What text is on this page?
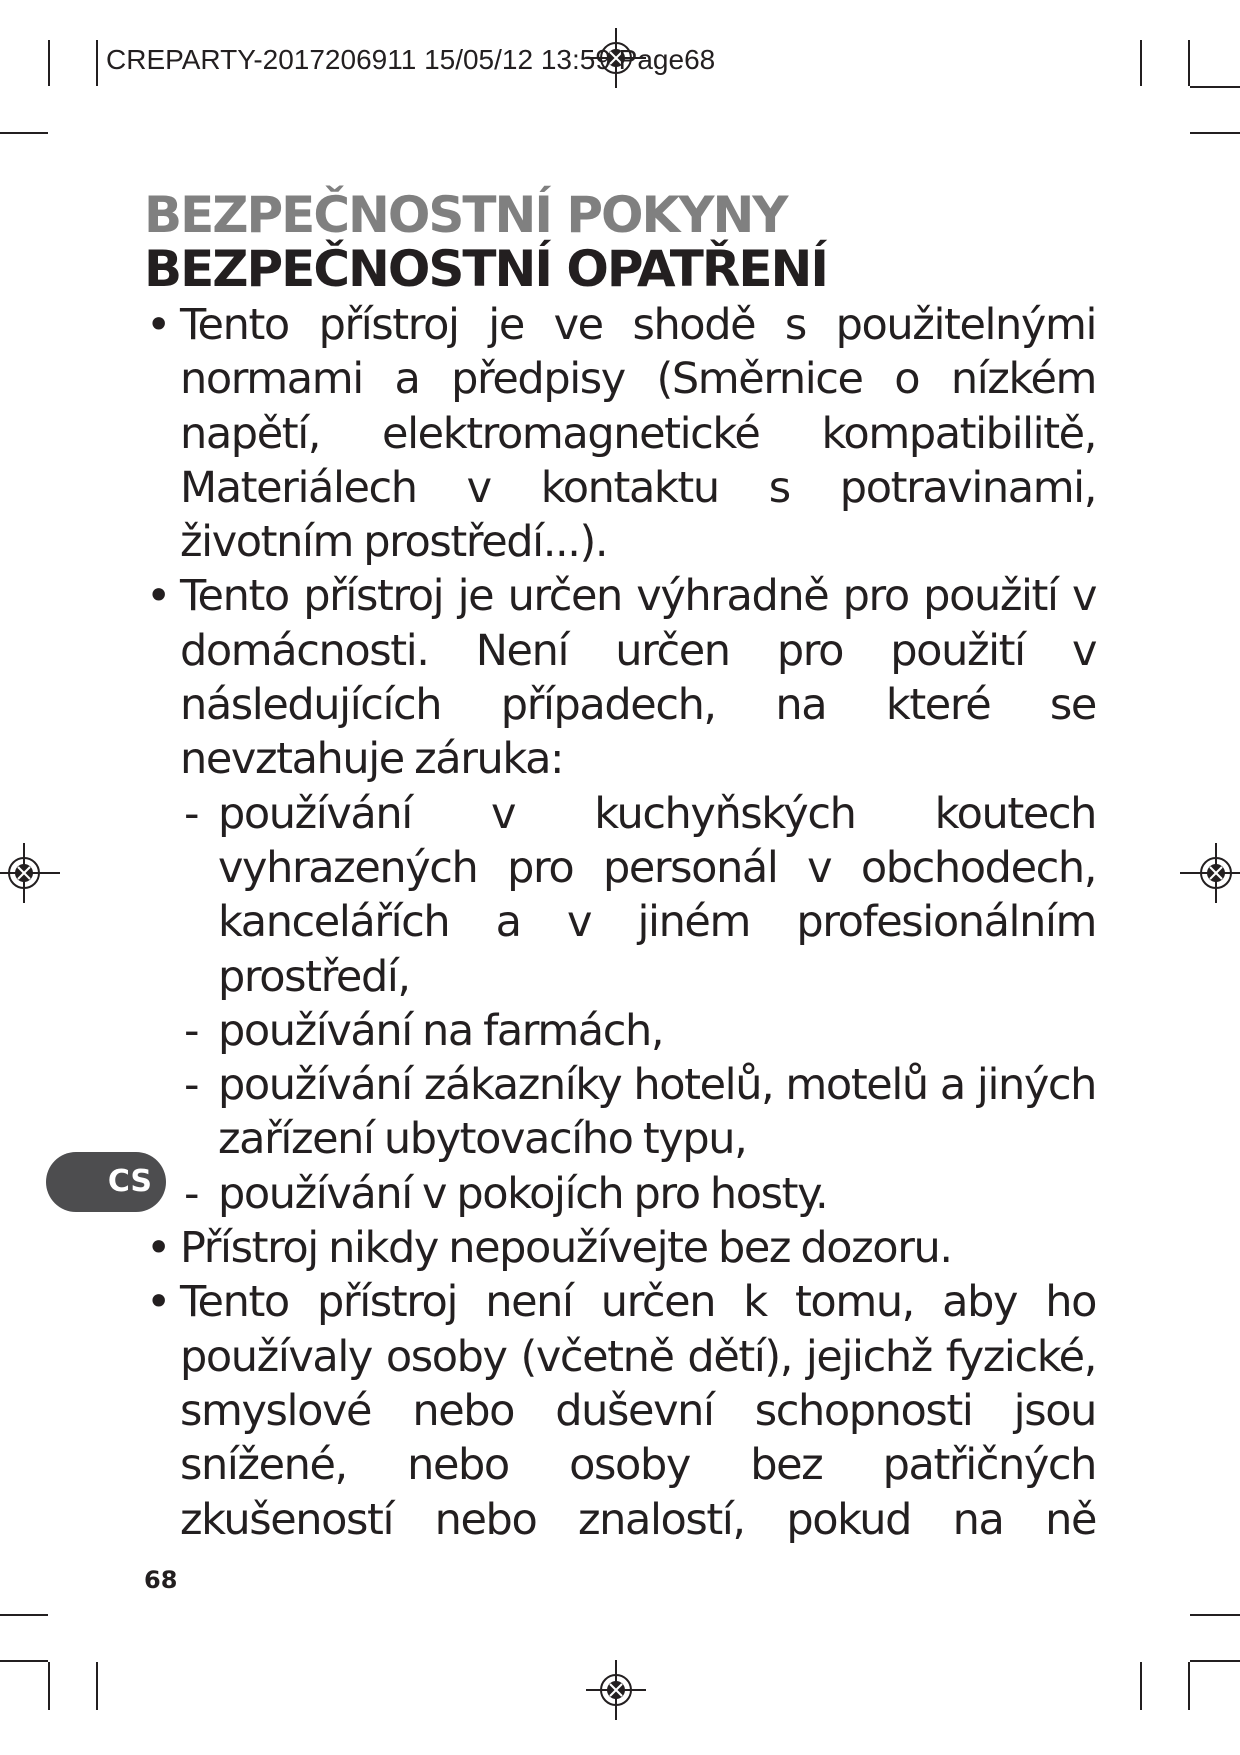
CREPARTY-2017206911 15/05/12 13:59 Page68
BEZPEČNOSTNÍ POKYNY
BEZPEČNOSTNÍ OPATŘENÍ
• Tento přístroj je ve shodě s použitelnými normami a předpisy (Směrnice o nízkém napětí, elektromagnetické kompatibilitě, Materiálech v kontaktu s potravinami, životním prostředí...).
• Tento přístroj je určen výhradně pro použití v domácnosti. Není určen pro použití v následujících případech, na které se nevztahuje záruka:
- používání v kuchyňských koutech vyhrazených pro personál v obchodech, kancelářích a v jiném profesionálním prostředí,
- používání na farmách,
- používání zákazníky hotelů, motelů a jiných zařízení ubytovacího typu,
- používání v pokojích pro hosty.
• Přístroj nikdy nepoužívejte bez dozoru.
• Tento přístroj není určen k tomu, aby ho používaly osoby (včetně dětí), jejichž fyzické, smyslové nebo duševní schopnosti jsou snížené, nebo osoby bez patřičných zkušeností nebo znalostí, pokud na ně
CS
68
